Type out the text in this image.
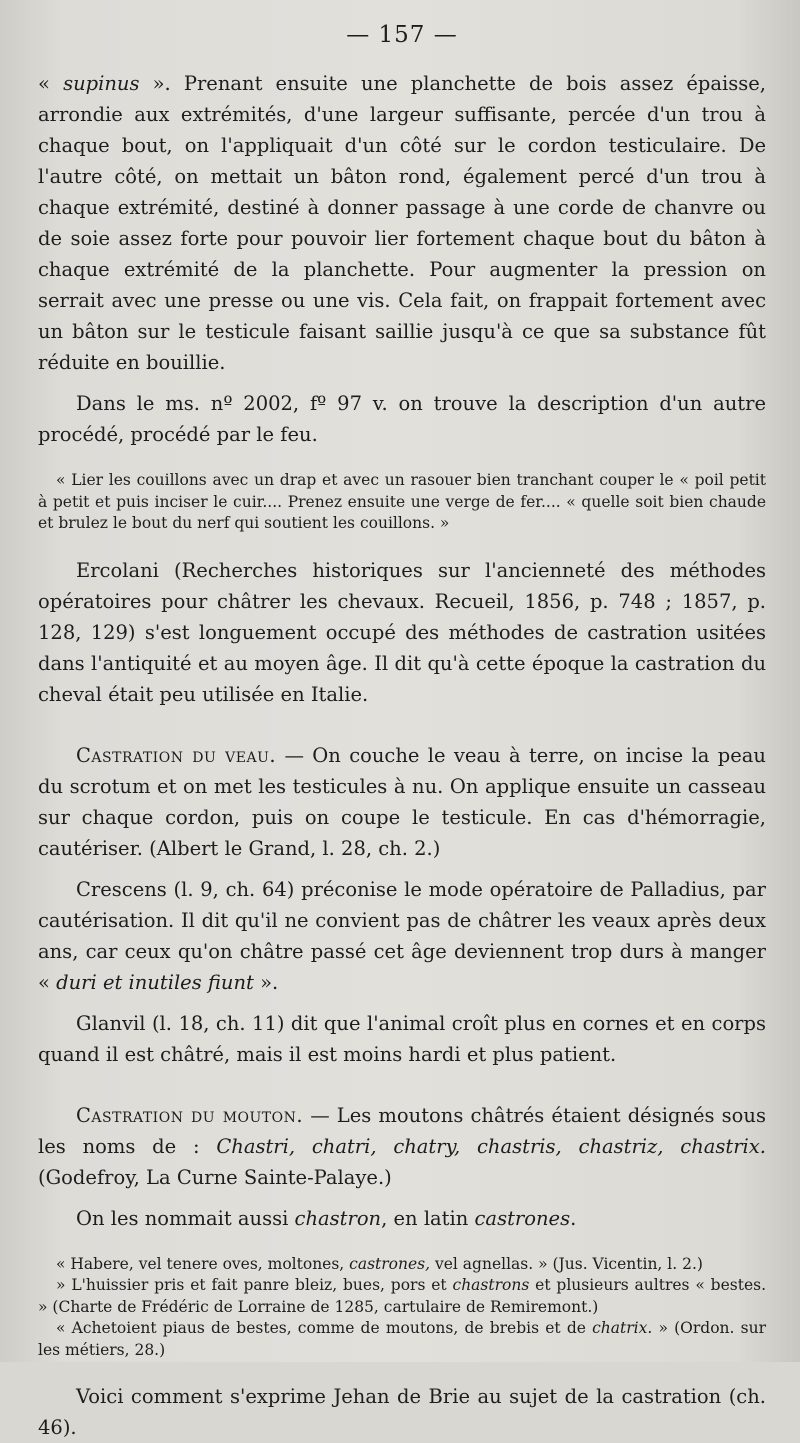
— 157 —

« supinus ». Prenant ensuite une planchette de bois assez épaisse, arrondie aux extrémités, d'une largeur suffisante, percée d'un trou à chaque bout, on l'appliquait d'un côté sur le cordon testiculaire. De l'autre côté, on mettait un bâton rond, également percé d'un trou à chaque extrémité, destiné à donner passage à une corde de chanvre ou de soie assez forte pour pouvoir lier fortement chaque bout du bâton à chaque extrémité de la planchette. Pour augmenter la pression on serrait avec une presse ou une vis. Cela fait, on frappait fortement avec un bâton sur le testicule faisant saillie jusqu'à ce que sa substance fût réduite en bouillie.

Dans le ms. nº 2002, fº 97 v. on trouve la description d'un autre procédé, procédé par le feu.

« Lier les couillons avec un drap et avec un rasouer bien tranchant couper le « poil petit à petit et puis inciser le cuir.... Prenez ensuite une verge de fer.... « quelle soit bien chaude et brulez le bout du nerf qui soutient les couillons. »

Ercolani (Recherches historiques sur l'ancienneté des méthodes opératoires pour châtrer les chevaux. Recueil, 1856, p. 748 ; 1857, p. 128, 129) s'est longuement occupé des méthodes de castration usitées dans l'antiquité et au moyen âge. Il dit qu'à cette époque la castration du cheval était peu utilisée en Italie.

Castration du veau. — On couche le veau à terre, on incise la peau du scrotum et on met les testicules à nu. On applique ensuite un casseau sur chaque cordon, puis on coupe le testicule. En cas d'hémorragie, cautériser. (Albert le Grand, l. 28, ch. 2.)

Crescens (l. 9, ch. 64) préconise le mode opératoire de Palladius, par cautérisation. Il dit qu'il ne convient pas de châtrer les veaux après deux ans, car ceux qu'on châtre passé cet âge deviennent trop durs à manger « duri et inutiles fiunt ».

Glanvil (l. 18, ch. 11) dit que l'animal croît plus en cornes et en corps quand il est châtré, mais il est moins hardi et plus patient.

Castration du mouton. — Les moutons châtrés étaient désignés sous les noms de : Chastri, chatri, chatry, chastris, chastriz, chastrix. (Godefroy, La Curne Sainte-Palaye.)

On les nommait aussi chastron, en latin castrones.

« Habere, vel tenere oves, moltones, castrones, vel agnellas. » (Jus. Vicentin, l. 2.)

» L'huissier pris et fait panre bleiz, bues, pors et chastrons et plusieurs aultres « bestes. » (Charte de Frédéric de Lorraine de 1285, cartulaire de Remiremont.)

« Achetoient piaus de bestes, comme de moutons, de brebis et de chatrix. » (Ordon. sur les métiers, 28.)

Voici comment s'exprime Jehan de Brie au sujet de la castration (ch. 46).
